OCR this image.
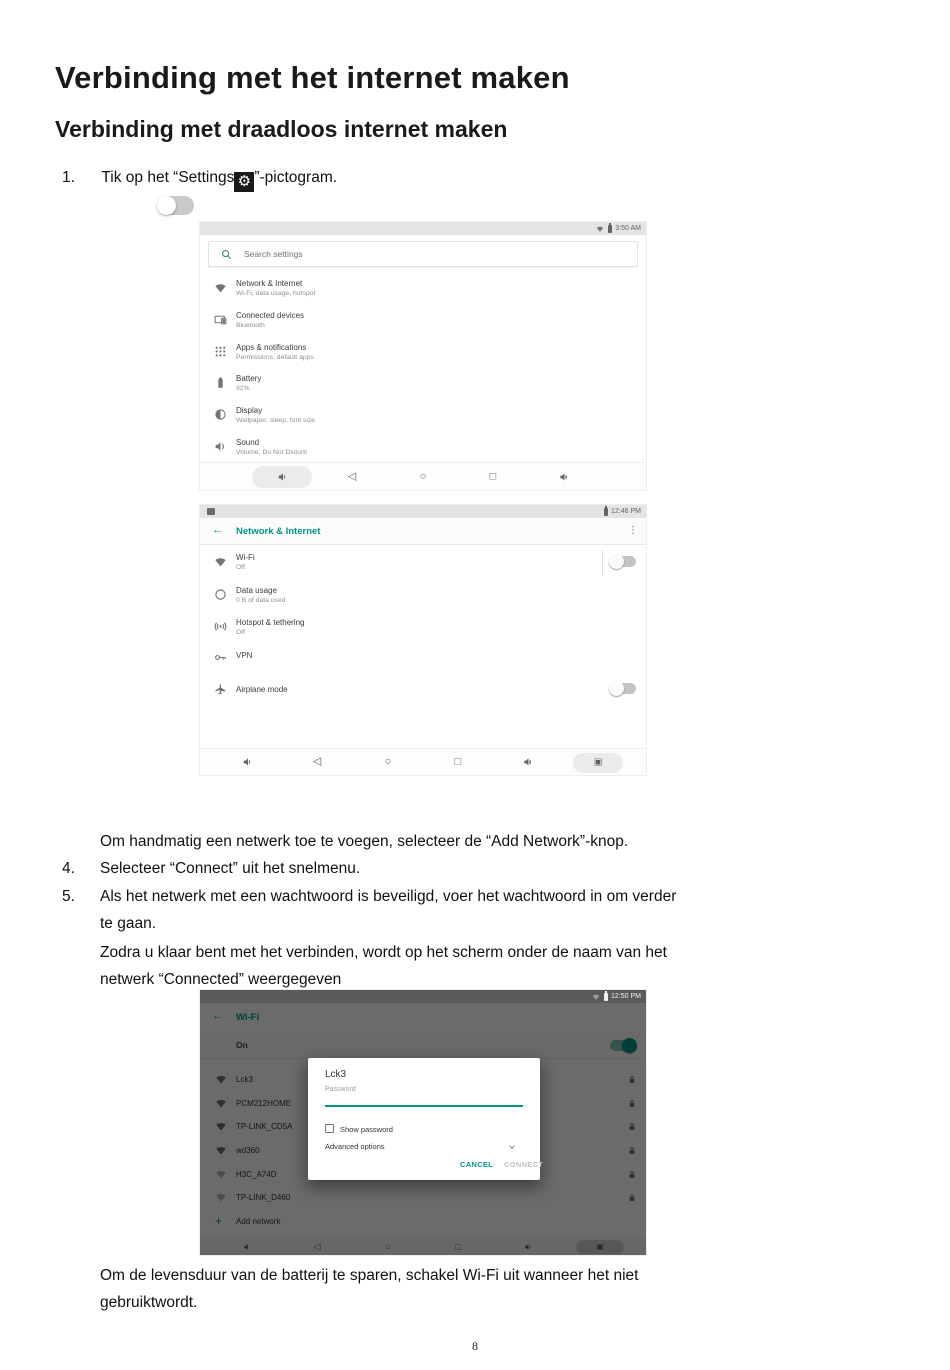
Verbinding met het internet maken
Verbinding met draadloos internet maken
1. Tik op het “Settings ⚙ ”-pictogram.
3:50 AM
Search settings
Network & Internet
Wi-Fi, data usage, hotspot
Connected devices
Bluetooth
Apps & notifications
Permissions, default apps
Battery
92%
Display
Wallpaper, sleep, font size
Sound
Volume, Do Not Disturb
◁	○	□
12:46 PM
← Network & Internet	⋮
Wi-Fi
Off
Data usage
0 B of data used
Hotspot & tethering
Off
VPN
Airplane mode
◁	○	□	▣
Om handmatig een netwerk toe te voegen, selecteer de “Add Network”-knop.
4. Selecteer “Connect” uit het snelmenu.
5. Als het netwerk met een wachtwoord is beveiligd, voer het wachtwoord in om verder
te gaan.
Zodra u klaar bent met het verbinden, wordt op het scherm onder de naam van het
netwerk “Connected” weergegeven
12:50 PM
Lck3
Password
Show password
Advanced options
CANCEL CONNECT
Om de levensduur van de batterij te sparen, schakel Wi-Fi uit wanneer het niet
gebruiktwordt.
8
